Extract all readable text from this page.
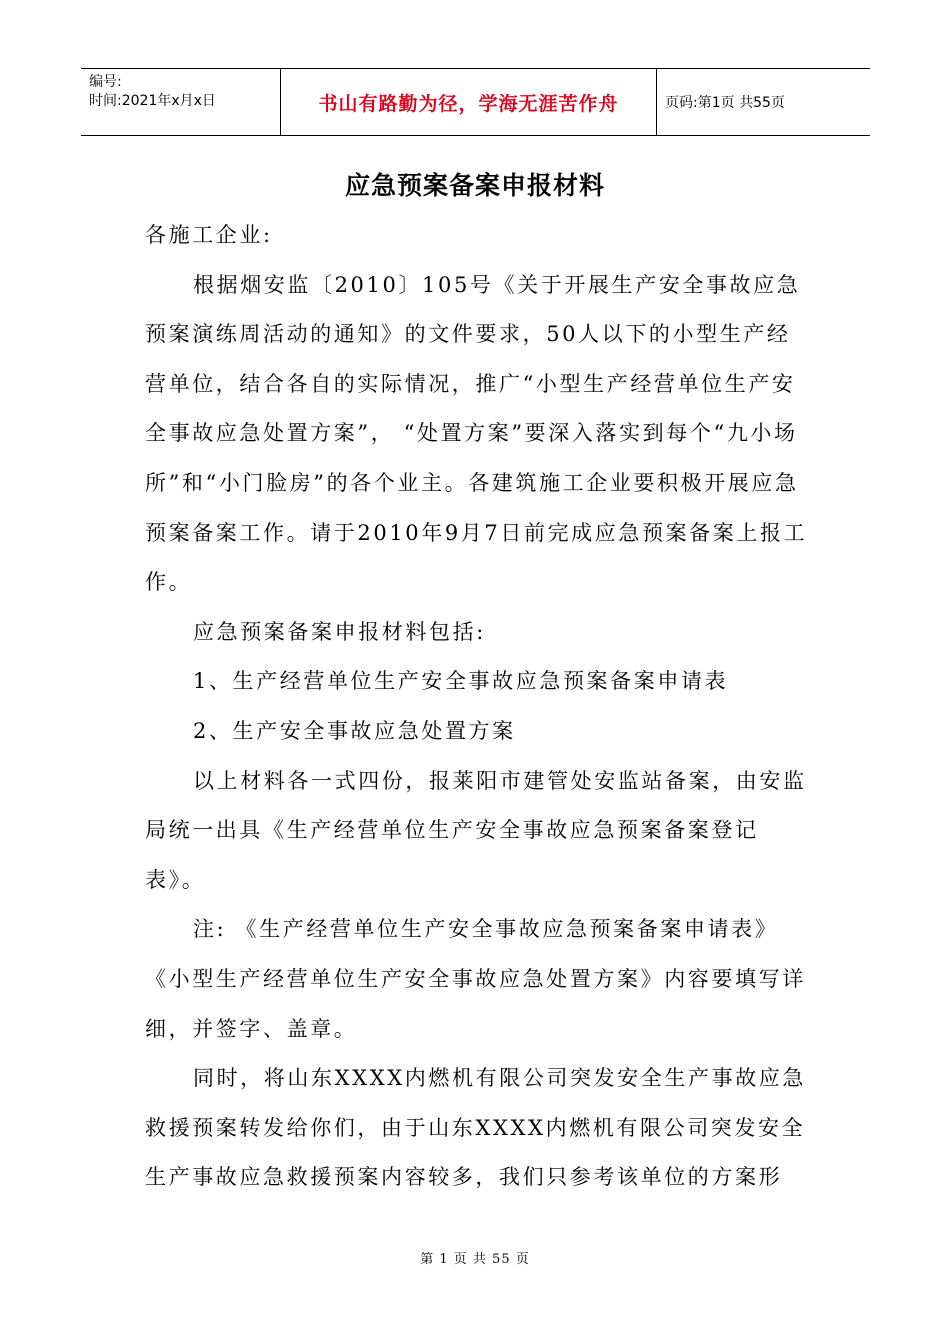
编号:
时间:2021年x月x日	书山有路勤为径，学海无涯苦作舟	页码:第1页 共55页
应急预案备案申报材料

各施工企业:

根据烟安监〔2010〕105号《关于开展生产安全事故应急预案演练周活动的通知》的文件要求，50人以下的小型生产经营单位，结合各自的实际情况，推广“小型生产经营单位生产安全事故应急处置方案”， “处置方案”要深入落实到每个“九小场所”和“小门脸房”的各个业主。各建筑施工企业要积极开展应急预案备案工作。请于2010年9月7日前完成应急预案备案上报工作。

应急预案备案申报材料包括:

1、生产经营单位生产安全事故应急预案备案申请表

2、生产安全事故应急处置方案

以上材料各一式四份，报莱阳市建管处安监站备案，由安监局统一出具《生产经营单位生产安全事故应急预案备案登记表》。

注: 《生产经营单位生产安全事故应急预案备案申请表》《小型生产经营单位生产安全事故应急处置方案》内容要填写详细，并签字、盖章。

同时，将山东XXXX内燃机有限公司突发安全生产事故应急救援预案转发给你们，由于山东XXXX内燃机有限公司突发安全生产事故应急救援预案内容较多，我们只参考该单位的方案形

第 1 页 共 55 页
